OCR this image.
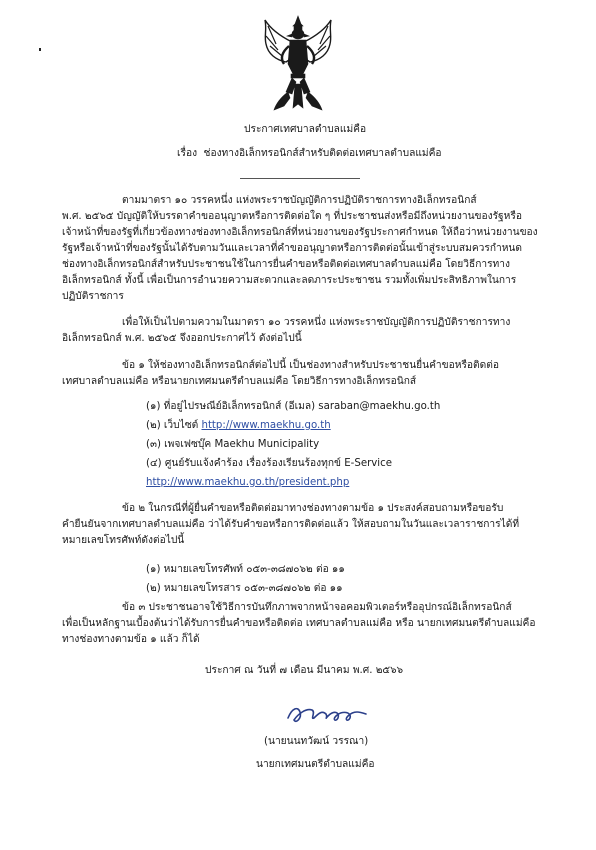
ประกาศเทศบาลตำบลแม่คือ
เรื่อง ช่องทางอิเล็กทรอนิกส์สำหรับติดต่อเทศบาลตำบลแม่คือ
ตามมาตรา ๑๐ วรรคหนึ่ง แห่งพระราชบัญญัติการปฏิบัติราชการทางอิเล็กทรอนิกส์
พ.ศ. ๒๕๖๕ บัญญัติให้บรรดาคำขออนุญาตหรือการติดต่อใด ๆ ที่ประชาชนส่งหรือมีถึงหน่วยงานของรัฐหรือ
เจ้าหน้าที่ของรัฐที่เกี่ยวข้องทางช่องทางอิเล็กทรอนิกส์ที่หน่วยงานของรัฐประกาศกำหนด ให้ถือว่าหน่วยงานของ
รัฐหรือเจ้าหน้าที่ของรัฐนั้นได้รับตามวันและเวลาที่คำขออนุญาตหรือการติดต่อนั้นเข้าสู่ระบบสมควรกำหนด
ช่องทางอิเล็กทรอนิกส์สำหรับประชาชนใช้ในการยื่นคำขอหรือติดต่อเทศบาลตำบลแม่คือ โดยวิธีการทาง
อิเล็กทรอนิกส์ ทั้งนี้ เพื่อเป็นการอำนวยความสะดวกและลดภาระประชาชน รวมทั้งเพิ่มประสิทธิภาพในการ
ปฏิบัติราชการ
เพื่อให้เป็นไปตามความในมาตรา ๑๐ วรรคหนึ่ง แห่งพระราชบัญญัติการปฏิบัติราชการทาง
อิเล็กทรอนิกส์ พ.ศ. ๒๕๖๕ จึงออกประกาศไว้ ดังต่อไปนี้
ข้อ ๑ ให้ช่องทางอิเล็กทรอนิกส์ต่อไปนี้ เป็นช่องทางสำหรับประชาชนยื่นคำขอหรือติดต่อ
เทศบาลตำบลแม่คือ หรือนายกเทศมนตรีตำบลแม่คือ โดยวิธีการทางอิเล็กทรอนิกส์
(๑) ที่อยู่ไปรษณีย์อิเล็กทรอนิกส์ (อีเมล) saraban@maekhu.go.th
(๒) เว็บไซต์ http://www.maekhu.go.th
(๓) เพจเฟซบุ๊ค Maekhu Municipality
(๔) ศูนย์รับแจ้งคำร้อง เรื่องร้องเรียนร้องทุกข์ E-Service
http://www.maekhu.go.th/president.php
ข้อ ๒ ในกรณีที่ผู้ยื่นคำขอหรือติดต่อมาทางช่องทางตามข้อ ๑ ประสงค์สอบถามหรือขอรับ
คำยืนยันจากเทศบาลตำบลแม่คือ ว่าได้รับคำขอหรือการติดต่อแล้ว ให้สอบถามในวันและเวลาราชการได้ที่
หมายเลขโทรศัพท์ดังต่อไปนี้
(๑) หมายเลขโทรศัพท์ ๐๕๓-๓๘๗๐๖๒ ต่อ ๑๑
(๒) หมายเลขโทรสาร ๐๕๓-๓๘๗๐๖๒ ต่อ ๑๑
ข้อ ๓ ประชาชนอาจใช้วิธีการบันทึกภาพจากหน้าจอคอมพิวเตอร์หรืออุปกรณ์อิเล็กทรอนิกส์
เพื่อเป็นหลักฐานเบื้องต้นว่าได้รับการยื่นคำขอหรือติดต่อ เทศบาลตำบลแม่คือ หรือ นายกเทศมนตรีตำบลแม่คือ
ทางช่องทางตามข้อ ๑ แล้ว ก็ได้
ประกาศ ณ วันที่ ๗ เดือน มีนาคม พ.ศ. ๒๕๖๖
(นายนนทวัฒน์ วรรณา)
นายกเทศมนตรีตำบลแม่คือ
